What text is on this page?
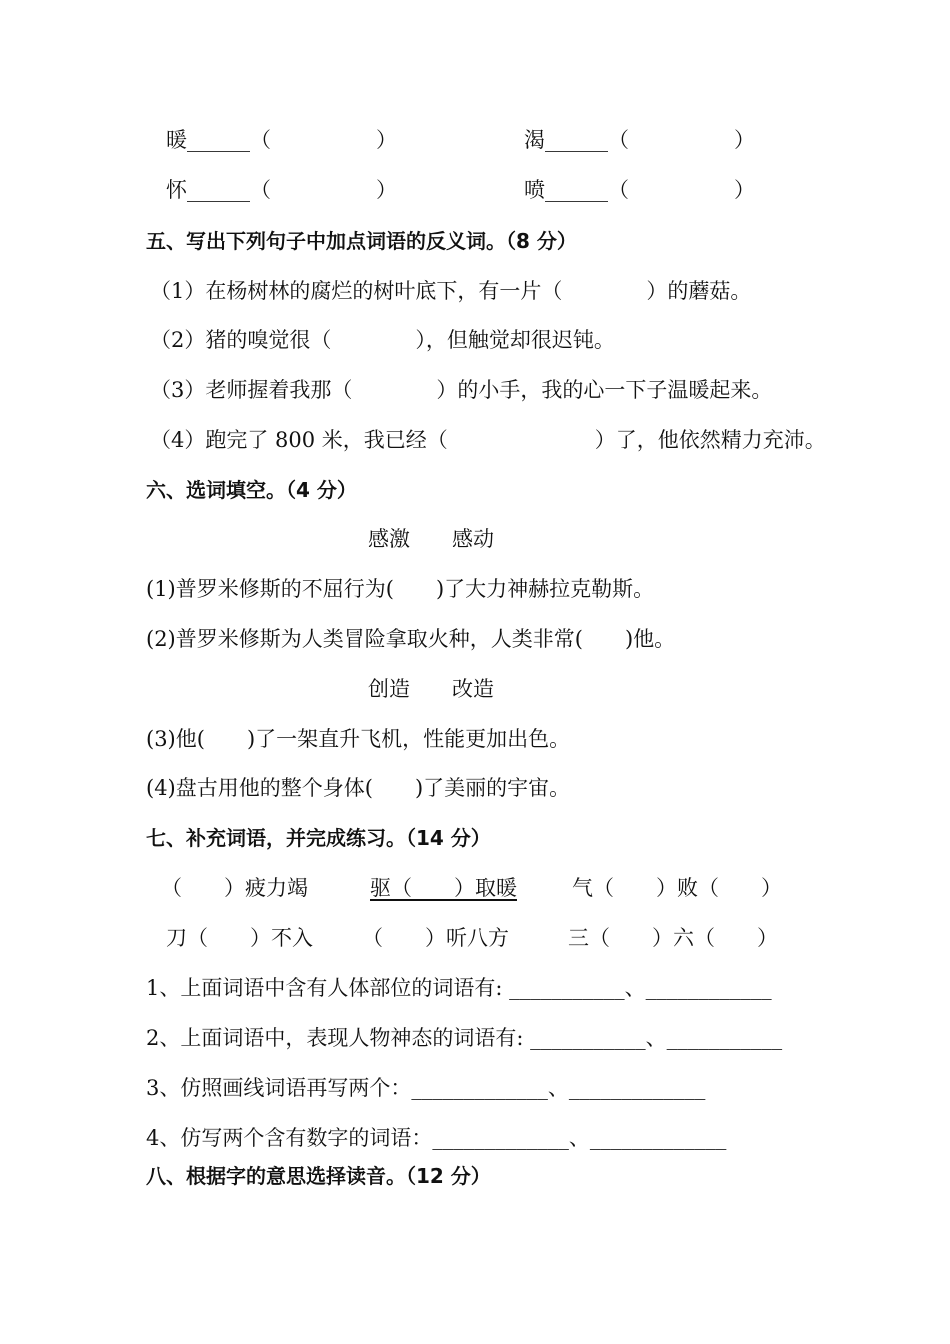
暖______（　　　　　）	渴______（　　　　　）
怀______（　　　　　）	喷______（　　　　　）
五、写出下列句子中加点词语的反义词。（8 分）
（1）在杨树林的腐烂的树叶底下，有一片（　　　　）的蘑菇。
（2）猪的嗅觉很（　　　　），但触觉却很迟钝。
（3）老师握着我那（　　　　）的小手，我的心一下子温暖起来。
（4）跑完了 800 米，我已经（　　　　　　　）了，他依然精力充沛。
六、选词填空。（4 分）
感激　　感动
(1)普罗米修斯的不屈行为(　　)了大力神赫拉克勒斯。
(2)普罗米修斯为人类冒险拿取火种，人类非常(　　)他。
创造　　改造
(3)他(　　)了一架直升飞机，性能更加出色。
(4)盘古用他的整个身体(　　)了美丽的宇宙。
七、补充词语，并完成练习。（14 分）
（　　）疲力竭	驱（　　）取暖	气（　　）败（　　）
刀（　　）不入 （　　）听八方	三（　　）六（　　）
1、上面词语中含有人体部位的词语有: ___________、____________
2、上面词语中，表现人物神态的词语有: ___________、___________
3、仿照画线词语再写两个：_____________、_____________
4、仿写两个含有数字的词语：_____________、_____________
八、根据字的意思选择读音。（12 分）
